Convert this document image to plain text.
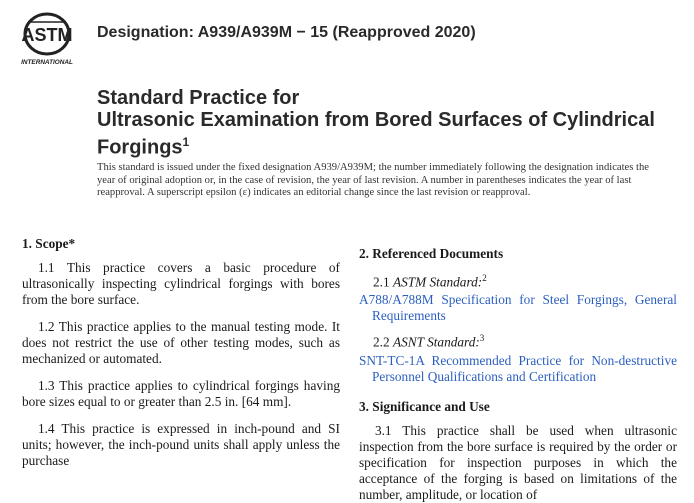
ASTM
INTERNATIONAL
Designation: A939/A939M − 15 (Reapproved 2020)
Standard Practice for
Ultrasonic Examination from Bored Surfaces of Cylindrical Forgings$^1$
This standard is issued under the fixed designation A939/A939M; the number immediately following the designation indicates the year of original adoption or, in the case of revision, the year of last revision. A number in parentheses indicates the year of last reapproval. A superscript epsilon (ε) indicates an editorial change since the last revision or reapproval.
1. Scope*

1.1 This practice covers a basic procedure of ultrasonically inspecting cylindrical forgings with bores from the bore surface.

1.2 This practice applies to the manual testing mode. It does not restrict the use of other testing modes, such as mechanized or automated.

1.3 This practice applies to cylindrical forgings having bore sizes equal to or greater than 2.5 in. [64 mm].

1.4 This practice is expressed in inch-pound and SI units; however, the inch-pound units shall apply unless the purchase

2. Referenced Documents
2.1 ASTM Standard:$^2$
A788/A788M Specification for Steel Forgings, General Requirements
2.2 ASNT Standard:$^3$
SNT-TC-1A Recommended Practice for Non-destructive Personnel Qualifications and Certification
3. Significance and Use

3.1 This practice shall be used when ultrasonic inspection from the bore surface is required by the order or specification for inspection purposes in which the acceptance of the forging is based on limitations of the number, amplitude, or location of
